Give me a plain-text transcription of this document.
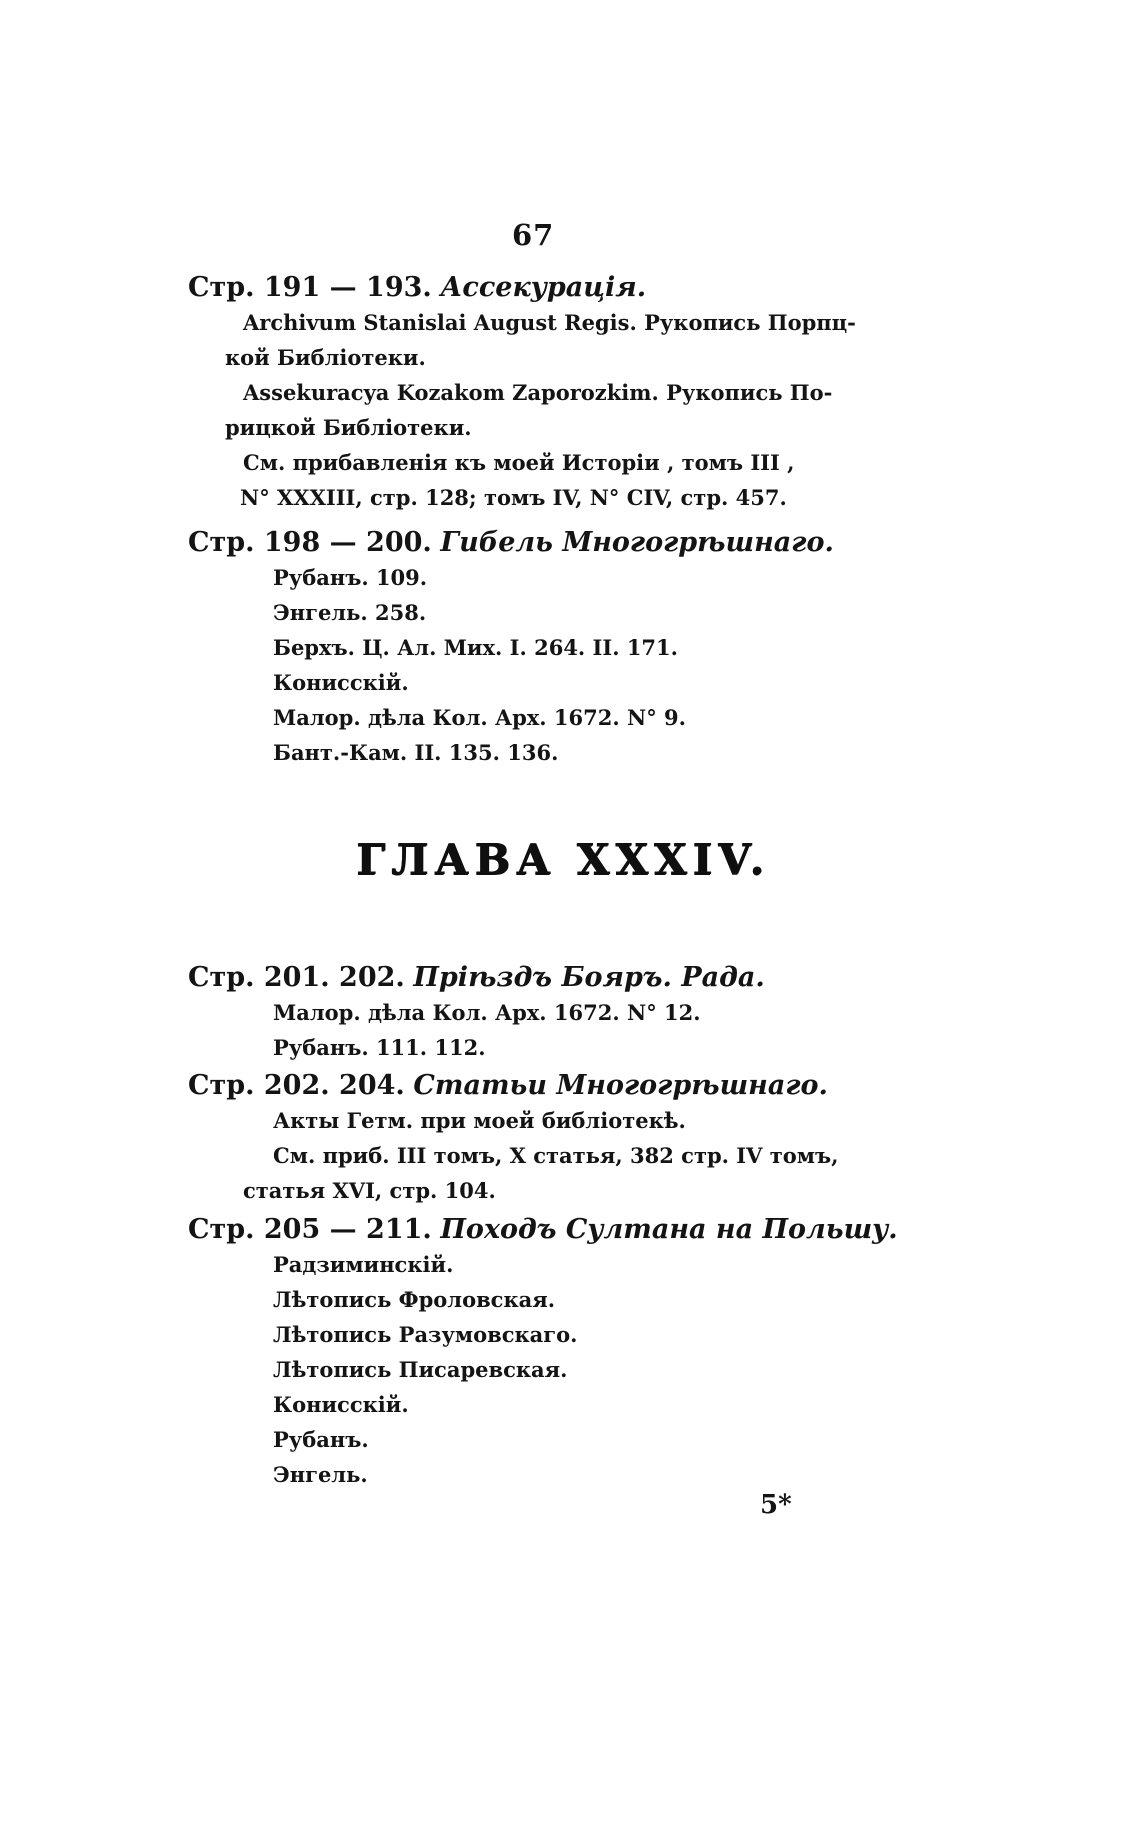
67
Стр. 191 — 193. Ассекурація.
Archivum Stanislai August Regis. Рукопись Порпц-
кой Библіотеки.
Assekuracya Kozakom Zaporozkim. Рукопись По-
рицкой Библіотеки.
См. прибавленія къ моей Исторіи , томъ III ,
N° XXXIII, стр. 128; томъ IV, N° CIV, стр. 457.
Стр. 198 — 200. Гибель Многогрѣшнаго.
Рубанъ. 109.
Энгель. 258.
Берхъ. Ц. Ал. Мих. I. 264. II. 171.
Конисскій.
Малор. дѣла Кол. Арх. 1672. N° 9.
Бант.-Кам. II. 135. 136.
ГЛАВА XXXIV.
Стр. 201. 202. Пріѣздъ Бояръ. Рада.
Малор. дѣла Кол. Арх. 1672. N° 12.
Рубанъ. 111. 112.
Стр. 202. 204. Статьи Многогрѣшнаго.
Акты Гетм. при моей библіотекѣ.
См. приб. III томъ, X статья, 382 стр. IV томъ,
статья XVI, стр. 104.
Стр. 205 — 211. Походъ Султана на Польшу.
Радзиминскій.
Лѣтопись Фроловская.
Лѣтопись Разумовскаго.
Лѣтопись Писаревская.
Конисскій.
Рубанъ.
Энгель.
5*
